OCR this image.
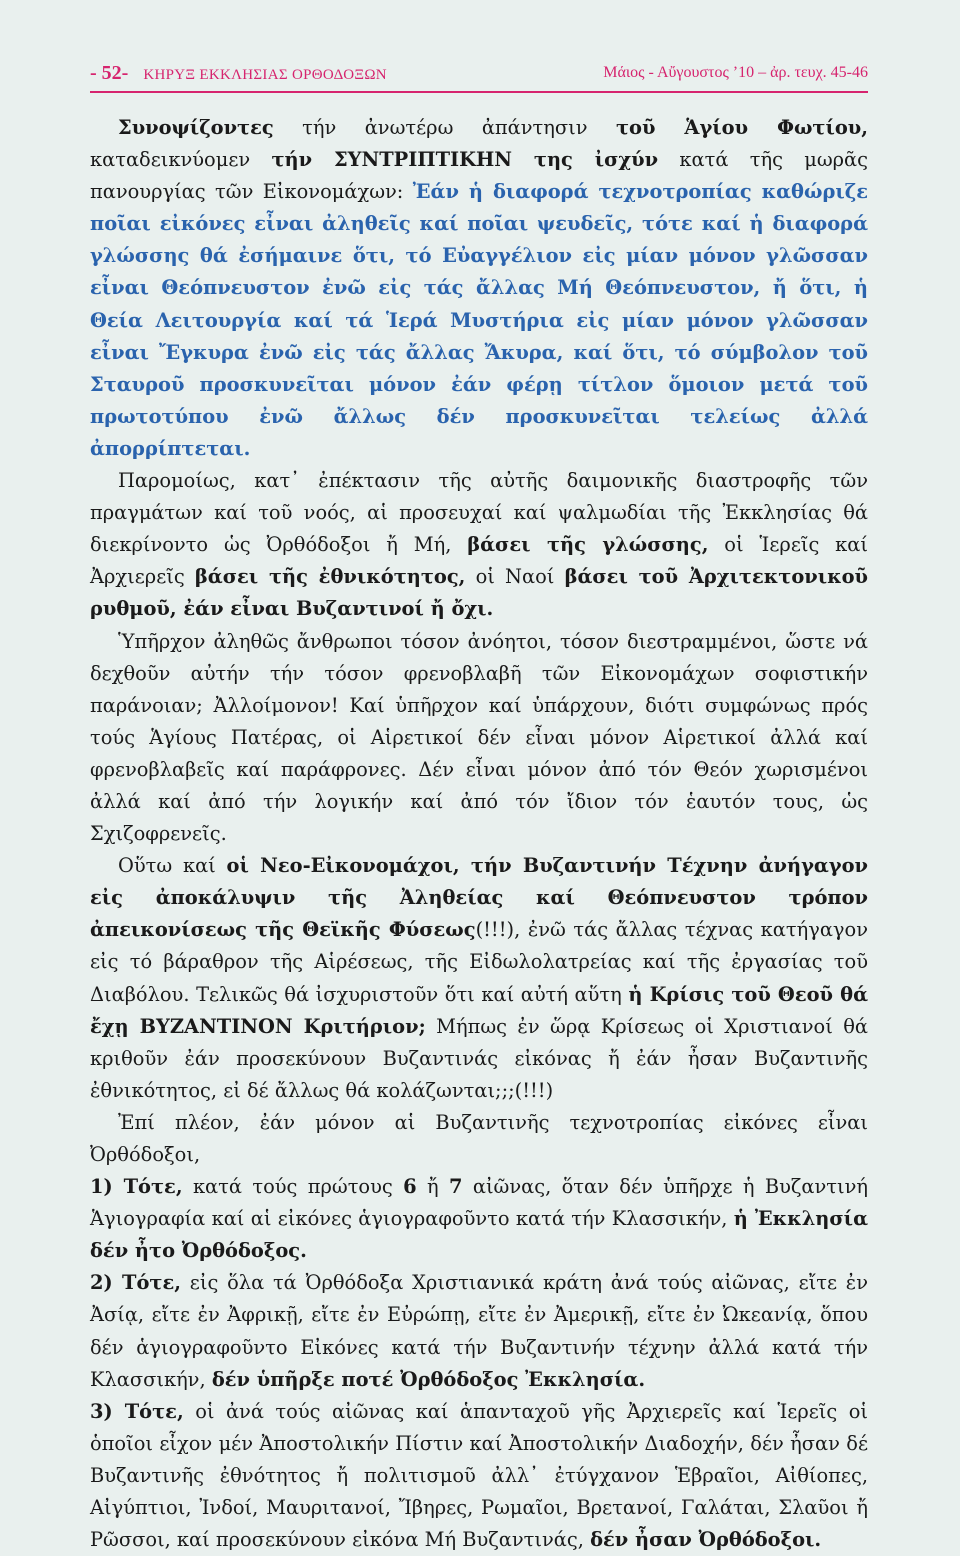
- 52- ΚΗΡΥΞ ΕΚΚΛΗΣΙΑΣ ΟΡΘΟΔΟΞΩΝ	Μάιος - Αὔγουστος ’10 – ἀρ. τευχ. 45-46

Συνοψίζοντες τήν ἀνωτέρω ἀπάντησιν τοῦ Ἁγίου Φωτίου, καταδεικνύομεν τήν ΣΥΝΤΡΙΠΤΙΚΗΝ της ἰσχύν κατά τῆς μωρᾶς πανουργίας τῶν Εἰκονομάχων: Ἐάν ἡ διαφορά τεχνοτροπίας καθώριζε ποῖαι εἰκόνες εἶναι ἀληθεῖς καί ποῖαι ψευδεῖς, τότε καί ἡ διαφορά γλώσσης θά ἐσήμαινε ὅτι, τό Εὐαγγέλιον εἰς μίαν μόνον γλῶσσαν εἶναι Θεόπνευστον ἐνῶ εἰς τάς ἄλλας Μή Θεόπνευστον, ἤ ὅτι, ἡ Θεία Λειτουργία καί τά Ἱερά Μυστήρια εἰς μίαν μόνον γλῶσσαν εἶναι Ἔγκυρα ἐνῶ εἰς τάς ἄλλας Ἄκυρα, καί ὅτι, τό σύμβολον τοῦ Σταυροῦ προσκυνεῖται μόνον ἐάν φέρῃ τίτλον ὅμοιον μετά τοῦ πρωτοτύπου ἐνῶ ἄλλως δέν προσκυνεῖται τελείως ἀλλά ἀπορρίπτεται.

Παρομοίως, κατ᾽ ἐπέκτασιν τῆς αὐτῆς δαιμονικῆς διαστροφῆς τῶν πραγμάτων καί τοῦ νοός, αἱ προσευχαί καί ψαλμωδίαι τῆς Ἐκκλησίας θά διεκρίνοντο ὡς Ὀρθόδοξοι ἤ Μή, βάσει τῆς γλώσσης, οἱ Ἱερεῖς καί Ἀρχιερεῖς βάσει τῆς ἐθνικότητος, οἱ Ναοί βάσει τοῦ Ἀρχιτεκτονικοῦ ρυθμοῦ, ἐάν εἶναι Βυζαντινοί ἤ ὄχι.

Ὑπῆρχον ἀληθῶς ἄνθρωποι τόσον ἀνόητοι, τόσον διεστραμμένοι, ὥστε νά δεχθοῦν αὐτήν τήν τόσον φρενοβλαβῆ τῶν Εἰκονομάχων σοφιστικήν παράνοιαν; Ἀλλοίμονον! Καί ὑπῆρχον καί ὑπάρχουν, διότι συμφώνως πρός τούς Ἁγίους Πατέρας, οἱ Αἱρετικοί δέν εἶναι μόνον Αἱρετικοί ἀλλά καί φρενοβλαβεῖς καί παράφρονες. Δέν εἶναι μόνον ἀπό τόν Θεόν χωρισμένοι ἀλλά καί ἀπό τήν λογικήν καί ἀπό τόν ἴδιον τόν ἑαυτόν τους, ὡς Σχιζοφρενεῖς.

Οὕτω καί οἱ Νεο-Εἰκονομάχοι, τήν Βυζαντινήν Τέχνην ἀνήγαγον εἰς ἀποκάλυψιν τῆς Ἀληθείας καί Θεόπνευστον τρόπον ἀπεικονίσεως τῆς Θεϊκῆς Φύσεως(!!!), ἐνῶ τάς ἄλλας τέχνας κατήγαγον εἰς τό βάραθρον τῆς Αἱρέσεως, τῆς Εἰδωλολατρείας καί τῆς ἐργασίας τοῦ Διαβόλου. Τελικῶς θά ἰσχυριστοῦν ὅτι καί αὐτή αὕτη ἡ Κρίσις τοῦ Θεοῦ θά ἔχῃ ΒΥΖΑΝΤΙΝΟΝ Κριτήριον; Μήπως ἐν ὥρᾳ Κρίσεως οἱ Χριστιανοί θά κριθοῦν ἐάν προσεκύνουν Βυζαντινάς εἰκόνας ἤ ἐάν ἦσαν Βυζαντινῆς ἐθνικότητος, εἰ δέ ἄλλως θά κολάζωνται;;;(!!!)

Ἐπί πλέον, ἐάν μόνον αἱ Βυζαντινῆς τεχνοτροπίας εἰκόνες εἶναι Ὀρθόδοξοι,

1) Τότε, κατά τούς πρώτους 6 ἤ 7 αἰῶνας, ὅταν δέν ὑπῆρχε ἡ Βυζαντινή Ἁγιογραφία καί αἱ εἰκόνες ἁγιογραφοῦντο κατά τήν Κλασσικήν, ἡ Ἐκκλησία δέν ἦτο Ὀρθόδοξος.

2) Τότε, εἰς ὅλα τά Ὀρθόδοξα Χριστιανικά κράτη ἀνά τούς αἰῶνας, εἴτε ἐν Ἀσίᾳ, εἴτε ἐν Ἀφρικῇ, εἴτε ἐν Εὐρώπῃ, εἴτε ἐν Ἀμερικῇ, εἴτε ἐν Ὠκεανίᾳ, ὅπου δέν ἁγιογραφοῦντο Εἰκόνες κατά τήν Βυζαντινήν τέχνην ἀλλά κατά τήν Κλασσικήν, δέν ὑπῆρξε ποτέ Ὀρθόδοξος Ἐκκλησία.

3) Τότε, οἱ ἀνά τούς αἰῶνας καί ἁπανταχοῦ γῆς Ἀρχιερεῖς καί Ἱερεῖς οἱ ὁποῖοι εἶχον μέν Ἀποστολικήν Πίστιν καί Ἀποστολικήν Διαδοχήν, δέν ἦσαν δέ Βυζαντινῆς ἐθνότητος ἤ πολιτισμοῦ ἀλλ᾽ ἐτύγχανον Ἑβραῖοι, Αἰθίοπες, Αἰγύπτιοι, Ἰνδοί, Μαυριτανοί, Ἴβηρες, Ρωμαῖοι, Βρετανοί, Γαλάται, Σλαῦοι ἤ Ρῶσσοι, καί προσεκύνουν εἰκόνα Μή Βυζαντινάς, δέν ἦσαν Ὀρθόδοξοι.
